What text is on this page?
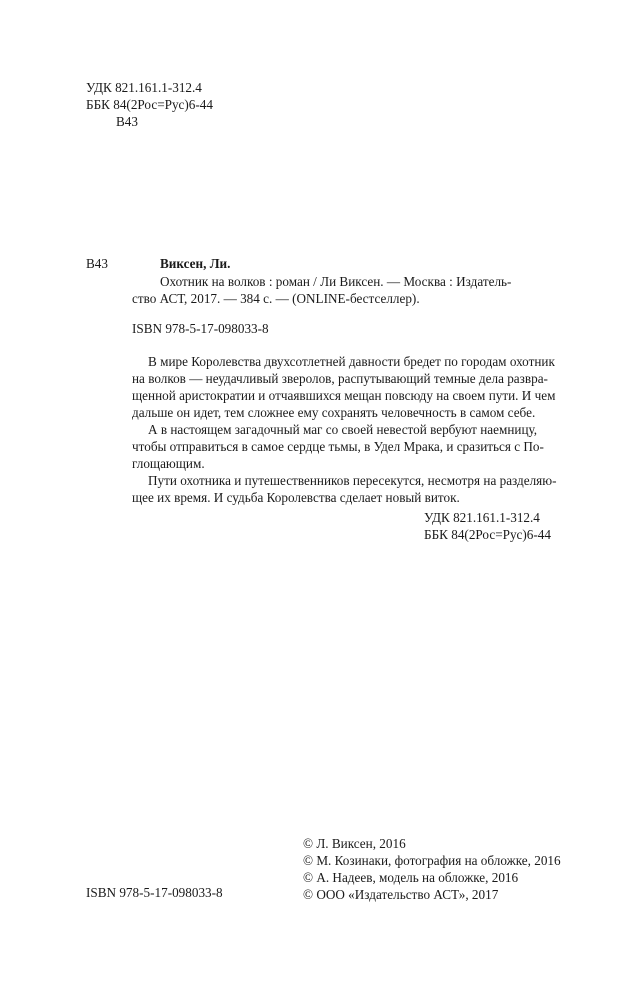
УДК 821.161.1-312.4
ББК 84(2Рос=Рус)6-44
В43
В43	Виксен, Ли.
Охотник на волков : роман / Ли Виксен. — Москва : Издатель-
ство АСТ, 2017. — 384 с. — (ONLINE-бестселлер).
ISBN 978-5-17-098033-8

В мире Королевства двухсотлетней давности бредет по городам охотник
на волков — неудачливый зверолов, распутывающий темные дела развра-
щенной аристократии и отчаявшихся мещан повсюду на своем пути. И чем
дальше он идет, тем сложнее ему сохранять человечность в самом себе.

А в настоящем загадочный маг со своей невестой вербуют наемницу,
чтобы отправиться в самое сердце тьмы, в Удел Мрака, и сразиться с По-
глощающим.

Пути охотника и путешественников пересекутся, несмотря на разделяю-
щее их время. И судьба Королевства сделает новый виток.

УДК 821.161.1-312.4
ББК 84(2Рос=Рус)6-44
ISBN 978-5-17-098033-8
© Л. Виксен, 2016
© М. Козинаки, фотография на обложке, 2016
© А. Надеев, модель на обложке, 2016
© ООО «Издательство АСТ», 2017
